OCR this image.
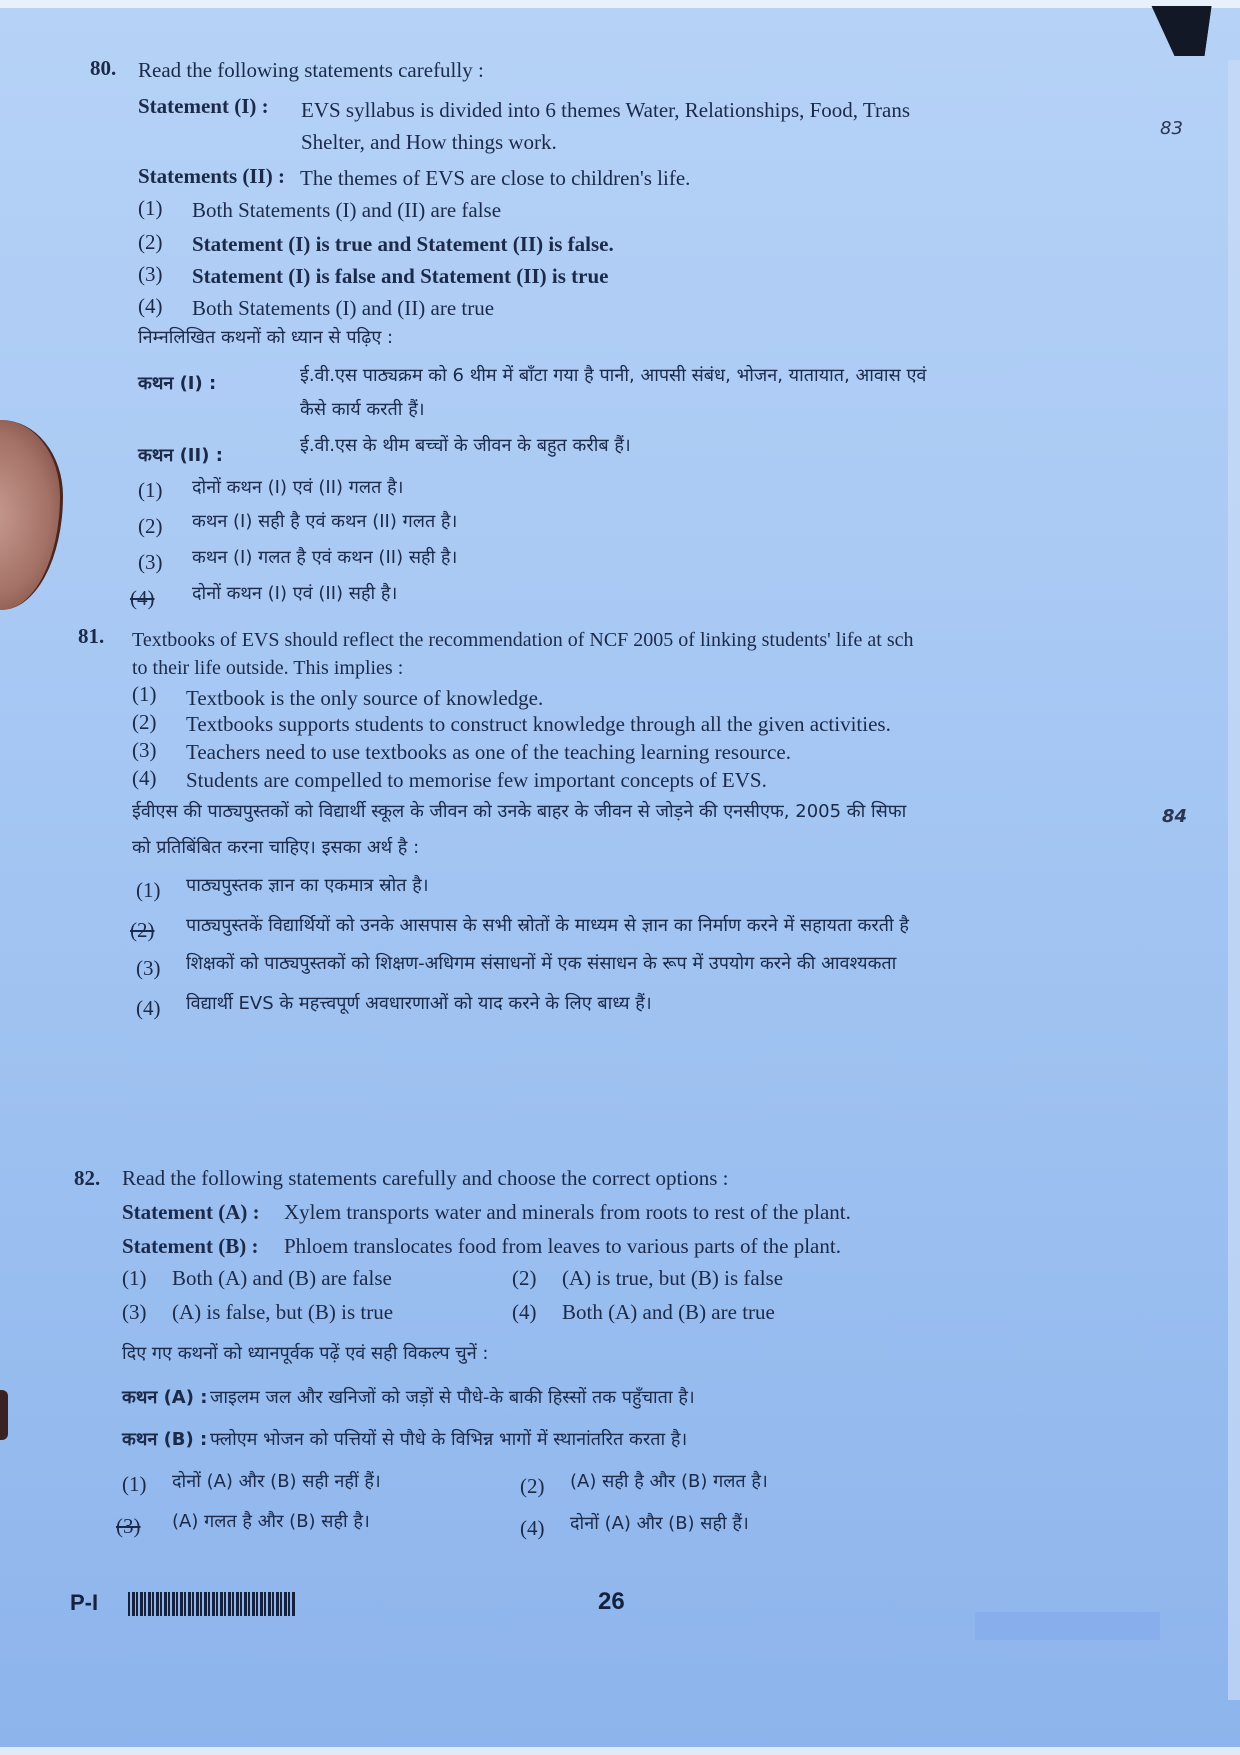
80. Read the following statements carefully :
Statement (I) : EVS syllabus is divided into 6 themes Water, Relationships, Food, Trans
83
Shelter, and How things work.
Statements (II) : The themes of EVS are close to children's life.
(1) Both Statements (I) and (II) are false
(2) Statement (I) is true and Statement (II) is false.
(3) Statement (I) is false and Statement (II) is true
(4) Both Statements (I) and (II) are true
निम्नलिखित कथनों को ध्यान से पढ़िए :
कथन (I) :	ई.वी.एस पाठ्यक्रम को 6 थीम में बाँटा गया है पानी, आपसी संबंध, भोजन, यातायात, आवास एवं
कैसे कार्य करती हैं।
कथन (II) :	ई.वी.एस के थीम बच्चों के जीवन के बहुत करीब हैं।
(1) दोनों कथन (I) एवं (II) गलत है।
(2) कथन (I) सही है एवं कथन (II) गलत है।
(3) कथन (I) गलत है एवं कथन (II) सही है।
(4) दोनों कथन (I) एवं (II) सही है।
81. Textbooks of EVS should reflect the recommendation of NCF 2005 of linking students' life at sch
to their life outside. This implies :
(1) Textbook is the only source of knowledge.
(2) Textbooks supports students to construct knowledge through all the given activities.
(3) Teachers need to use textbooks as one of the teaching learning resource.
(4) Students are compelled to memorise few important concepts of EVS.
ईवीएस की पाठ्यपुस्तकों को विद्यार्थी स्कूल के जीवन को उनके बाहर के जीवन से जोड़ने की एनसीएफ, 2005 की सिफा	84
को प्रतिबिंबित करना चाहिए। इसका अर्थ है :
(1) पाठ्यपुस्तक ज्ञान का एकमात्र स्रोत है।
(2) पाठ्यपुस्तकें विद्यार्थियों को उनके आसपास के सभी स्रोतों के माध्यम से ज्ञान का निर्माण करने में सहायता करती है
(3) शिक्षकों को पाठ्यपुस्तकों को शिक्षण-अधिगम संसाधनों में एक संसाधन के रूप में उपयोग करने की आवश्यकता
(4) विद्यार्थी EVS के महत्त्वपूर्ण अवधारणाओं को याद करने के लिए बाध्य हैं।
82. Read the following statements carefully and choose the correct options :
Statement (A) : Xylem transports water and minerals from roots to rest of the plant.
Statement (B) : Phloem translocates food from leaves to various parts of the plant.
(1) Both (A) and (B) are false	(2) (A) is true, but (B) is false
(3) (A) is false, but (B) is true	(4) Both (A) and (B) are true
दिए गए कथनों को ध्यानपूर्वक पढ़ें एवं सही विकल्प चुनें :
कथन (A) : जाइलम जल और खनिजों को जड़ों से पौधे-के बाकी हिस्सों तक पहुँचाता है।
कथन (B) : फ्लोएम भोजन को पत्तियों से पौधे के विभिन्न भागों में स्थानांतरित करता है।
(1) दोनों (A) और (B) सही नहीं हैं।	(2) (A) सही है और (B) गलत है।
(3) (A) गलत है और (B) सही है।	(4) दोनों (A) और (B) सही हैं।
P-I	26
